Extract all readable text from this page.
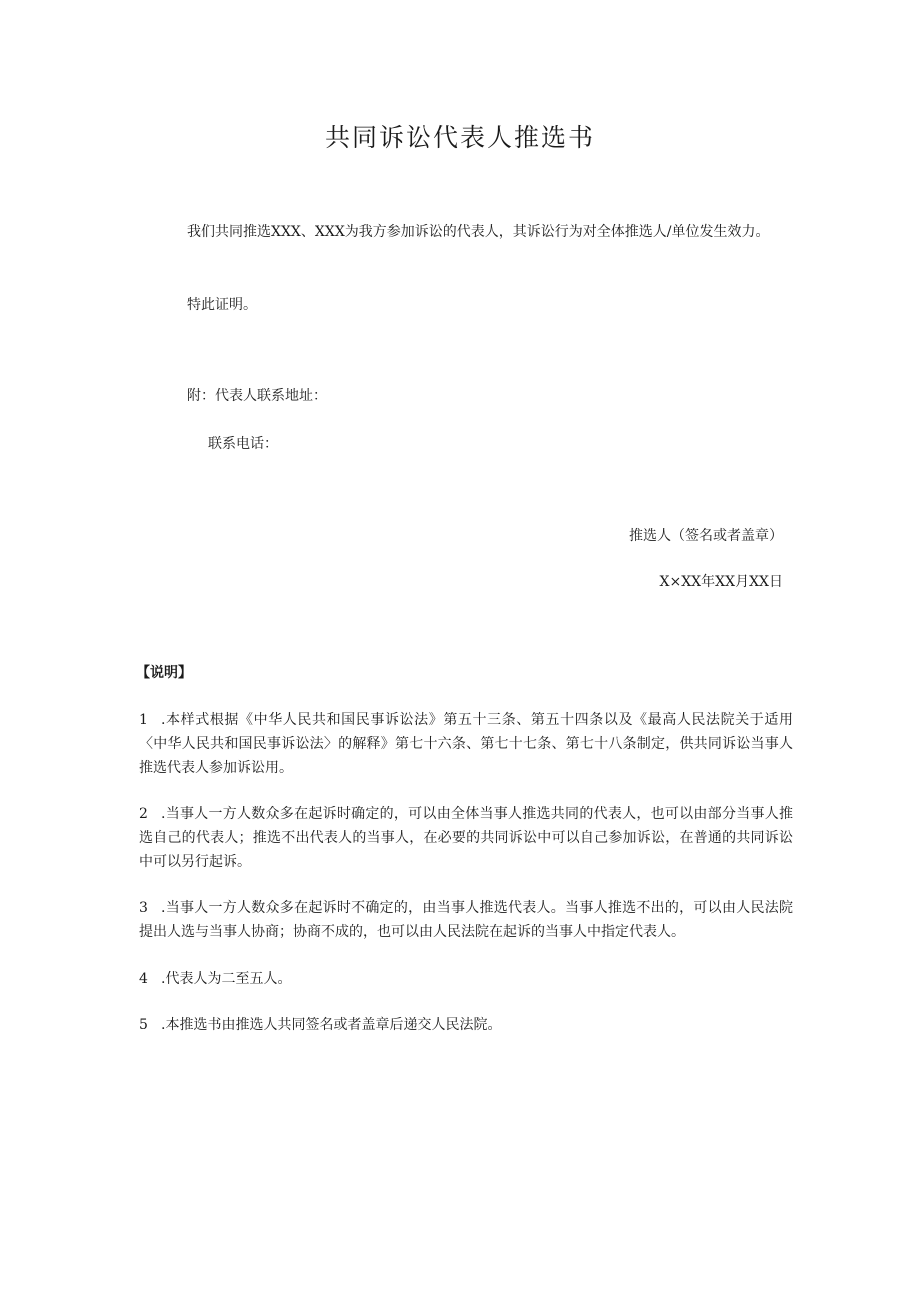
共同诉讼代表人推选书

我们共同推选XXX、XXX为我方参加诉讼的代表人，其诉讼行为对全体推选人/单位发生效力。

特此证明。

附：代表人联系地址：

联系电话：

推选人（签名或者盖章）

X×XX年XX月XX日

【说明】

1 .本样式根据《中华人民共和国民事诉讼法》第五十三条、第五十四条以及《最高人民法院关于适用〈中华人民共和国民事诉讼法〉的解释》第七十六条、第七十七条、第七十八条制定，供共同诉讼当事人推选代表人参加诉讼用。

2 .当事人一方人数众多在起诉时确定的，可以由全体当事人推选共同的代表人，也可以由部分当事人推选自己的代表人；推选不出代表人的当事人，在必要的共同诉讼中可以自己参加诉讼，在普通的共同诉讼中可以另行起诉。

3 .当事人一方人数众多在起诉时不确定的，由当事人推选代表人。当事人推选不出的，可以由人民法院提出人选与当事人协商；协商不成的，也可以由人民法院在起诉的当事人中指定代表人。

4 .代表人为二至五人。

5 .本推选书由推选人共同签名或者盖章后递交人民法院。
